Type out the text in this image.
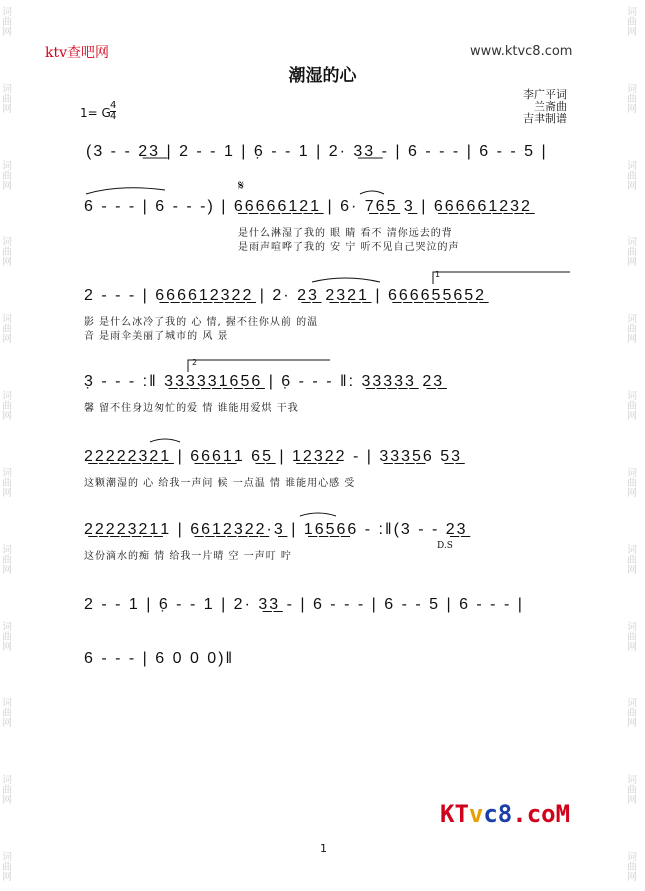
词曲网
词曲网
词曲网
词曲网
词曲网
词曲网
词曲网
词曲网
词曲网
词曲网
词曲网
词曲网
词曲网
词曲网
词曲网
词曲网
词曲网
词曲网
词曲网
词曲网
词曲网
词曲网
词曲网
词曲网
ktv查吧网	www.ktvc8.com
潮湿的心
李广平词
兰斋曲
吉聿制谱
1= G
4
4
(3 - - 2͟3͟ | 2 - - 1 | 6̣ - - 1 | 2· 3͟3͟ - | 6 - - - | 6 - - 5 |
𝄋
6 - - - | 6 - - -) | 6̲6̲6̲6̲6̲1̲2̲1̲ | 6· 7̲6̲5̲ 3̲ | 6̲6̲6̲6̲6̲1̲2̲3̲2̲
是什么淋湿了我的 眼 睛 看不 清你远去的背
是雨声喧哗了我的 安 宁 听不见自己哭泣的声
2 - - - | 6̲6̲6̲6̲1̲2̲3̲2̲2̲ | 2· 2̲3̲ 2̲3̲2̲1̲ | 6̲6̲6̲6̲5̲5̲6̲5̲2̲
影 是什么冰冷了我的 心 情, 握不往你从前 的温
音 是雨伞美丽了城市的 风 景
2
1
3̣ - - - :‖ 3̲3̲3̲3̲3̲1̲6̲5̲6̲ | 6̣ - - - ‖: 3̲3̲3̲3̲3̲ 2̲3̲
馨 留不住身边匆忙的爱 情 谁能用爱烘 干我
2̲2̲2̲2̲2̲3̲2̲1̲ | 6̲6̲6̲1̲1 6̲5̲ | 1̲2̲3̲2̲2 - | 3̲3̲3̲5̲6 5̲3̲
这颗潮湿的 心 给我一声问 候 一点温 情 谁能用心感 受
2̲2̲2̲2̲3̲2̲1̲1 | 6̲6̲1̲2̲3̲2̲2̲·3̲ | 1̲6̲5̲6̲6 - :‖(3 - - 2̲3̲
这份滴水的痴 情 给我一片晴 空 一声叮 咛
D.S
2 - - 1 | 6̣ - - 1 | 2· 3̲3̲ - | 6 - - - | 6 - - 5 | 6 - - - |
6 - - - | 6 0 0 0)‖
KTvc8.coM
1
